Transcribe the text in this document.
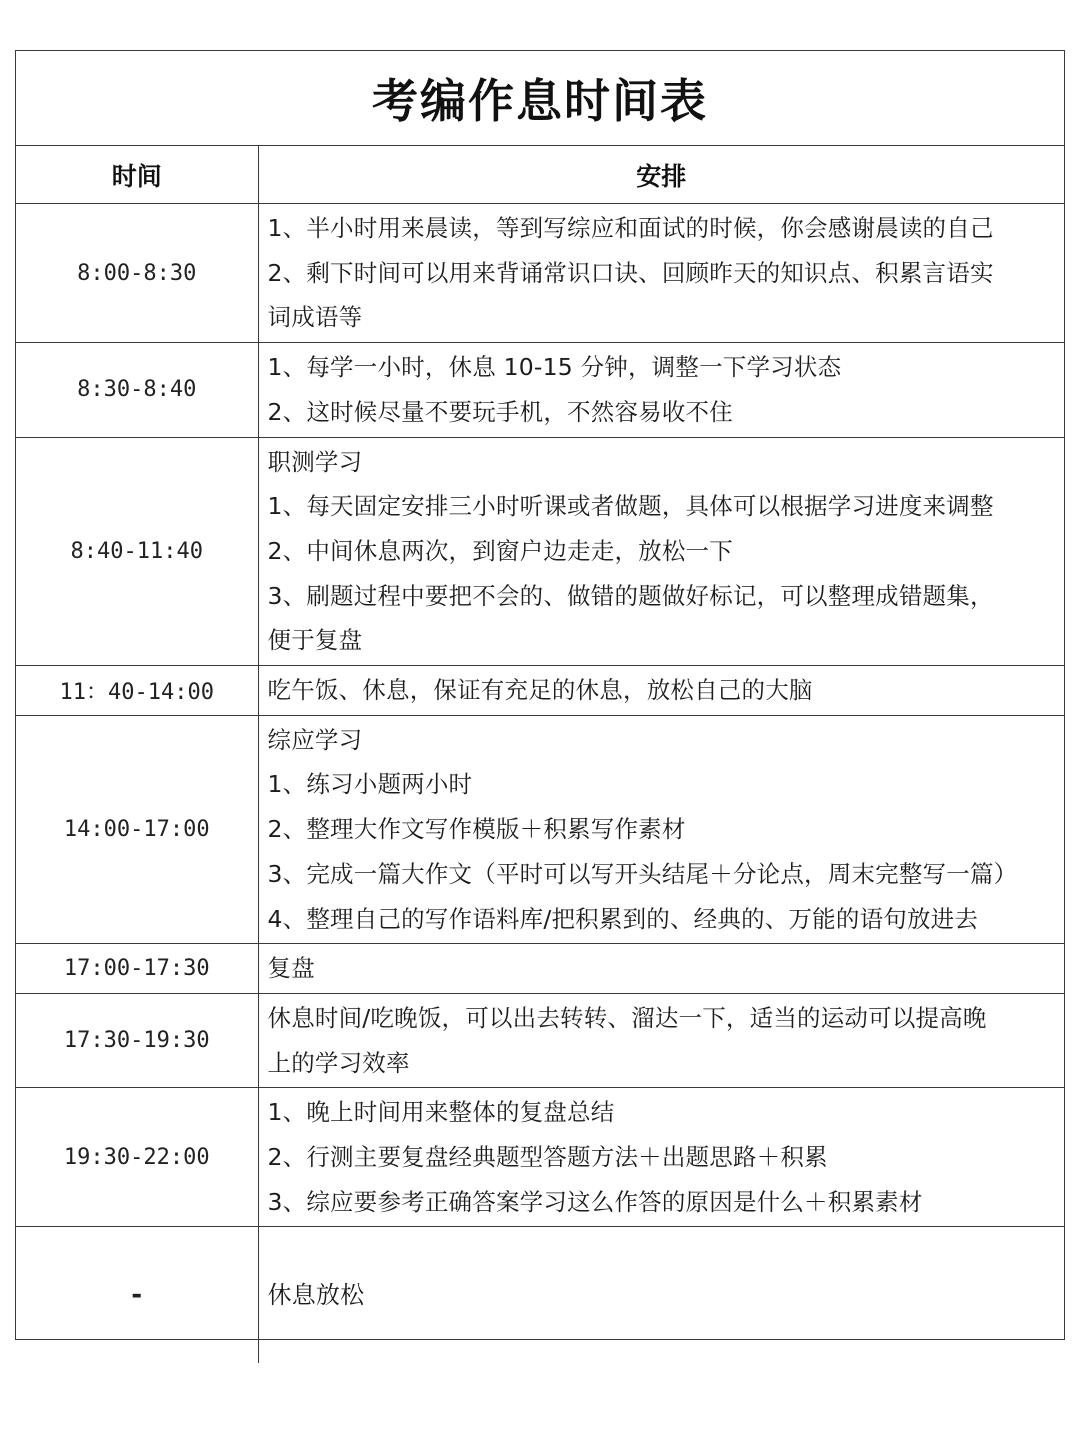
考编作息时间表
时间	安排
8:00-8:30	1、半小时用来晨读，等到写综应和面试的时候，你会感谢晨读的自己
2、剩下时间可以用来背诵常识口诀、回顾昨天的知识点、积累言语实
词成语等

8:30-8:40	1、每学一小时，休息 10-15 分钟，调整一下学习状态
2、这时候尽量不要玩手机，不然容易收不住

8:40-11:40	职测学习
1、每天固定安排三小时听课或者做题，具体可以根据学习进度来调整
2、中间休息两次，到窗户边走走，放松一下
3、刷题过程中要把不会的、做错的题做好标记，可以整理成错题集，
便于复盘

11：40-14:00	吃午饭、休息，保证有充足的休息，放松自己的大脑

14:00-17:00	综应学习
1、练习小题两小时
2、整理大作文写作模版＋积累写作素材
3、完成一篇大作文（平时可以写开头结尾＋分论点，周末完整写一篇）
4、整理自己的写作语料库/把积累到的、经典的、万能的语句放进去

17:00-17:30	复盘

17:30-19:30	休息时间/吃晚饭，可以出去转转、溜达一下，适当的运动可以提高晚
上的学习效率

19:30-22:00	1、晚上时间用来整体的复盘总结
2、行测主要复盘经典题型答题方法＋出题思路＋积累
3、综应要参考正确答案学习这么作答的原因是什么＋积累素材

-	休息放松
